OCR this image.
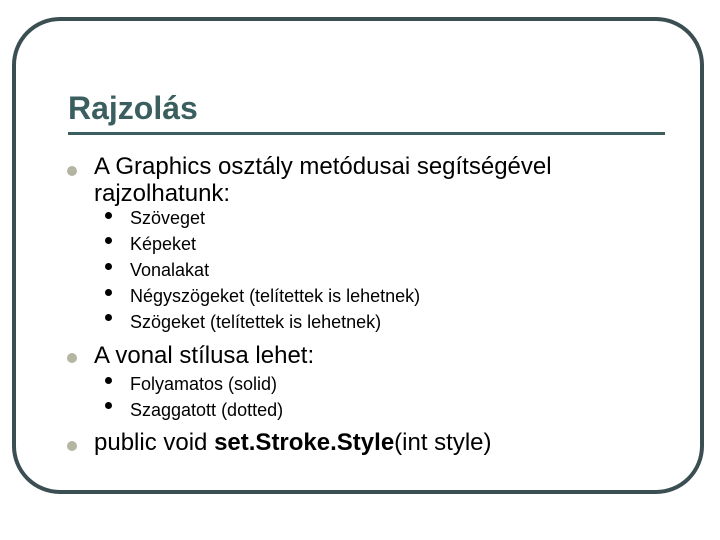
Rajzolás
A Graphics osztály metódusai segítségével rajzolhatunk:
Szöveget
Képeket
Vonalakat
Négyszögeket (telítettek is lehetnek)
Szögeket (telítettek is lehetnek)
A vonal stílusa lehet:
Folyamatos (solid)
Szaggatott (dotted)
public void set.Stroke.Style(int style)
